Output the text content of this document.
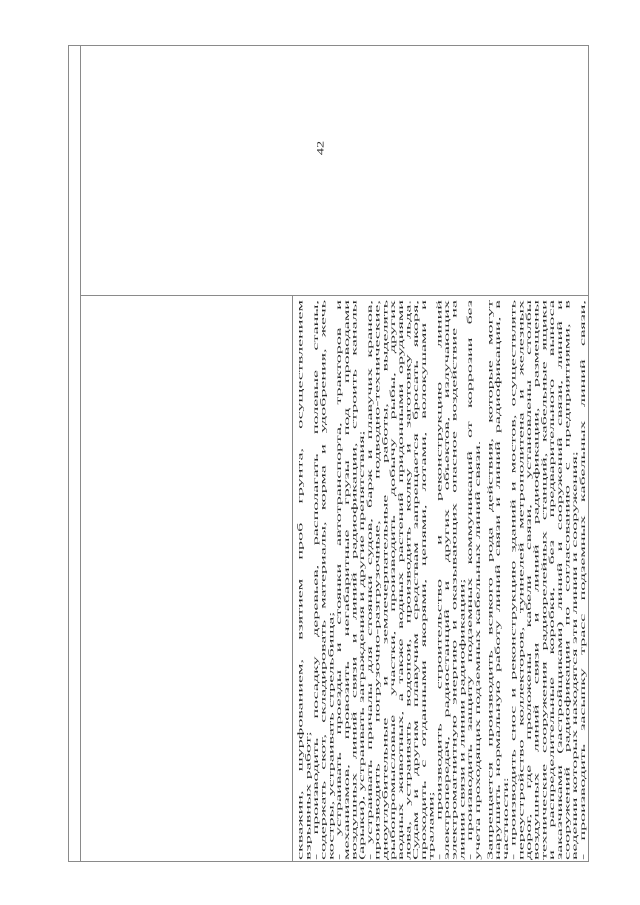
42
скважин, шурфованием, взятием проб грунта, осуществлением взрывных работ; - производить посадку деревьев, располагать полевые станы, содержать скот, складировать материалы, корма и удобрения, жечь костры, устраивать стрельбища; - устраивать проезды и стоянки автотранспорта, тракторов и механизмов, провозить негабаритные грузы под проводами воздушных линий связи и линий радиофикации, строить каналы (арыки), устраивать заграждения и другие препятствия; - устраивать причалы для стоянки судов, барж и плавучих кранов, производить погрузочно-разгрузочные, подводно-технические, дноуглубительные и землечерпательные работы, выделять рыбопромысловые участки, производить добычу рыбы, других водных животных, а также водных растений придонными орудиями лова, устраивать водопои, производить колку и заготовку льда. Судам и другим плавучим средствам запрещается бросать якоря, проходить с отданными якорями, цепями, лотами, волокушами и тралами; - производить строительство и реконструкцию линий электропередач, радиостанций и других объектов, излучающих электромагнитную энергию и оказывающих опасное воздействие на линии связи и линии радиофикации; - производить защиту подземных коммуникаций от коррозии без учета проходящих подземных кабельных линий связи. Запрещается производить всякого рода действия, которые могут нарушить нормальную работу линий связи и линий радиофикации, в частности: - производить снос и реконструкцию зданий и мостов, осуществлять переустройство коллекторов, туннелей метрополитена и железных дорог, где проложены кабели связи, установлены столбы воздушных линий связи и линий радиофикации, размещены технические сооружения радиорелейных станций, кабельные ящики и распределительные коробки, без предварительного выноса заказчиками (застройщиками) линий и сооружений связи, линий и сооружений радиофикации по согласованию с предприятиями, в ведении которых находятся эти линии и сооружения; - производить засыпку трасс подземных кабельных линий связи,
